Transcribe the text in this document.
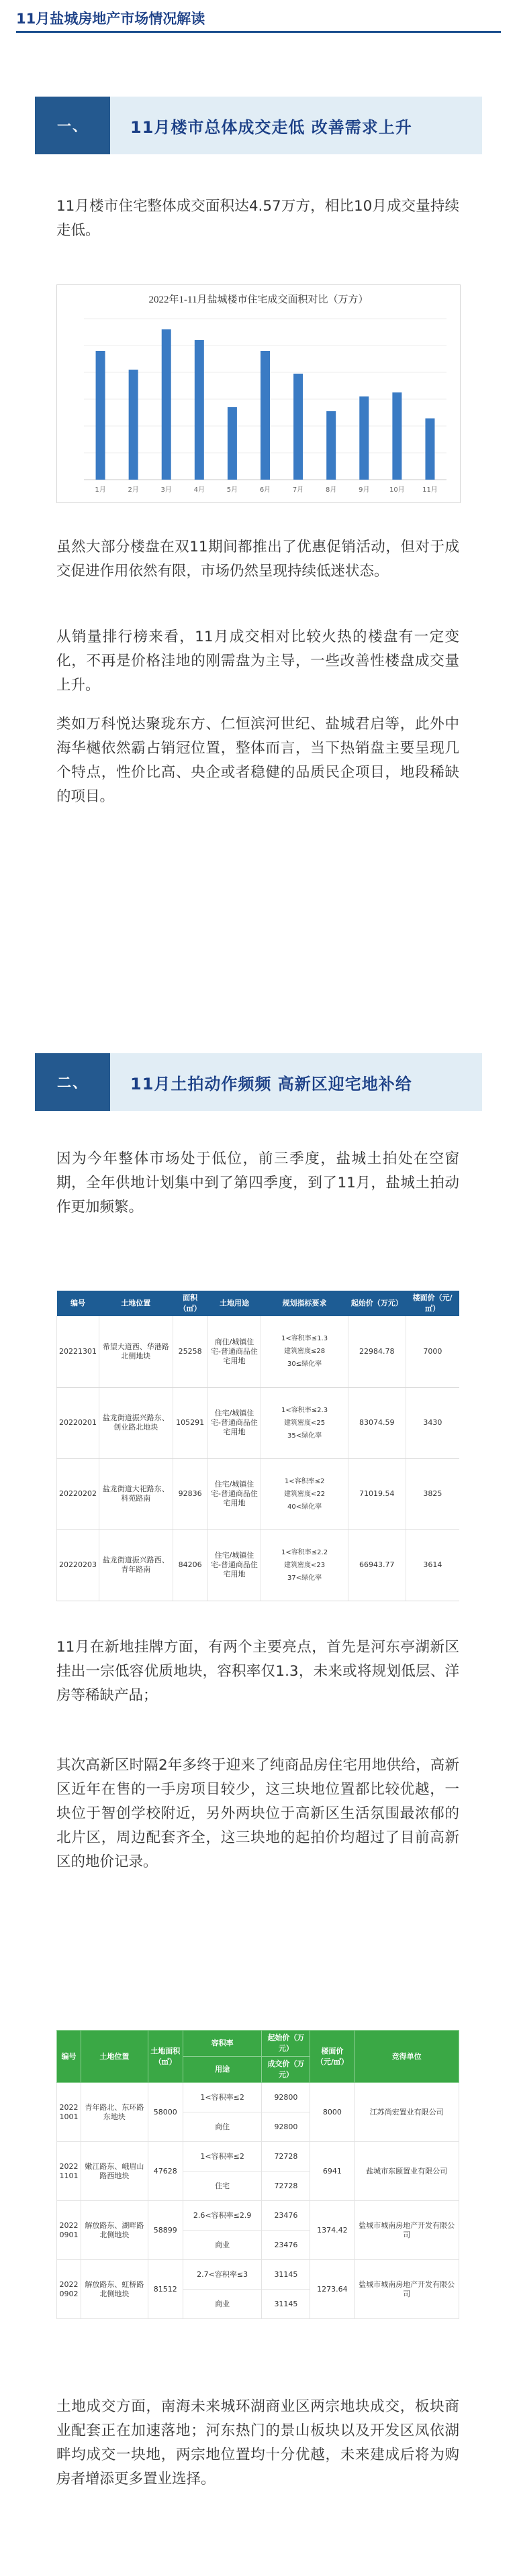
11月盐城房地产市场情况解读
一、	11月楼市总体成交走低 改善需求上升

11月楼市住宅整体成交面积达4.57万方，相比10月成交量持续走低。

2022年1-11月盐城楼市住宅成交面积对比（万方）
1月	2月	3月	4月	5月	6月	7月	8月	9月	10月	11月

虽然大部分楼盘在双11期间都推出了优惠促销活动，但对于成交促进作用依然有限，市场仍然呈现持续低迷状态。

从销量排行榜来看，11月成交相对比较火热的楼盘有一定变化，不再是价格洼地的刚需盘为主导，一些改善性楼盘成交量上升。

类如万科悦达聚珑东方、仁恒滨河世纪、盐城君启等，此外中海华樾依然霸占销冠位置，整体而言，当下热销盘主要呈现几个特点，性价比高、央企或者稳健的品质民企项目，地段稀缺的项目。

二、	11月土拍动作频频 高新区迎宅地补给

因为今年整体市场处于低位，前三季度，盐城土拍处在空窗期，全年供地计划集中到了第四季度，到了11月，盐城土拍动作更加频繁。

编号	土地位置	面积（㎡）	土地用途	规划指标要求	起始价（万元）	楼面价（元/㎡）
20221301	希望大道西、华港路北侧地块	25258	商住/城镇住宅-普通商品住宅用地	1<容积率≤1.3
建筑密度≤28
30≤绿化率	22984.78	7000
20220201	盐龙街道振兴路东、创业路北地块	105291	住宅/城镇住宅-普通商品住宅用地	1<容积率≤2.3
建筑密度<25
35<绿化率	83074.59	3430
20220202	盐龙街道大祀路东、科苑路南	92836	住宅/城镇住宅-普通商品住宅用地	1<容积率≤2
建筑密度<22
40<绿化率	71019.54	3825
20220203	盐龙街道振兴路西、青年路南	84206	住宅/城镇住宅-普通商品住宅用地	1<容积率≤2.2
建筑密度<23
37<绿化率	66943.77	3614

11月在新地挂牌方面，有两个主要亮点，首先是河东亭湖新区挂出一宗低容优质地块，容积率仅1.3，未来或将规划低层、洋房等稀缺产品；

其次高新区时隔2年多终于迎来了纯商品房住宅用地供给，高新区近年在售的一手房项目较少，这三块地位置都比较优越，一块位于智创学校附近，另外两块位于高新区生活氛围最浓郁的北片区，周边配套齐全，这三块地的起拍价均超过了目前高新区的地价记录。

编号	土地位置	土地面积（㎡）	容积率	起始价（万元）	楼面价（元/㎡）	竞得单位
			用途	成交价（万元）		
2022 1001	青年路北、东环路东地块	58000	1<容积率≤2	92800	8000	江苏尚宏置业有限公司
			商住	92800		
2022 1101	嫩江路东、峨眉山路西地块	47628	1<容积率≤2	72728	6941	盐城市东颐置业有限公司
			住宅	72728		
2022 0901	解放路东、湖畔路北侧地块	58899	2.6<容积率≤2.9	23476	1374.42	盐城市城南房地产开发有限公司
			商业	23476		
2022 0902	解放路东、虹桥路北侧地块	81512	2.7<容积率≤3	31145	1273.64	盐城市城南房地产开发有限公司
			商业	31145		

土地成交方面，南海未来城环湖商业区两宗地块成交，板块商业配套正在加速落地；河东热门的景山板块以及开发区凤依湖畔均成交一块地，两宗地位置均十分优越，未来建成后将为购房者增添更多置业选择。
